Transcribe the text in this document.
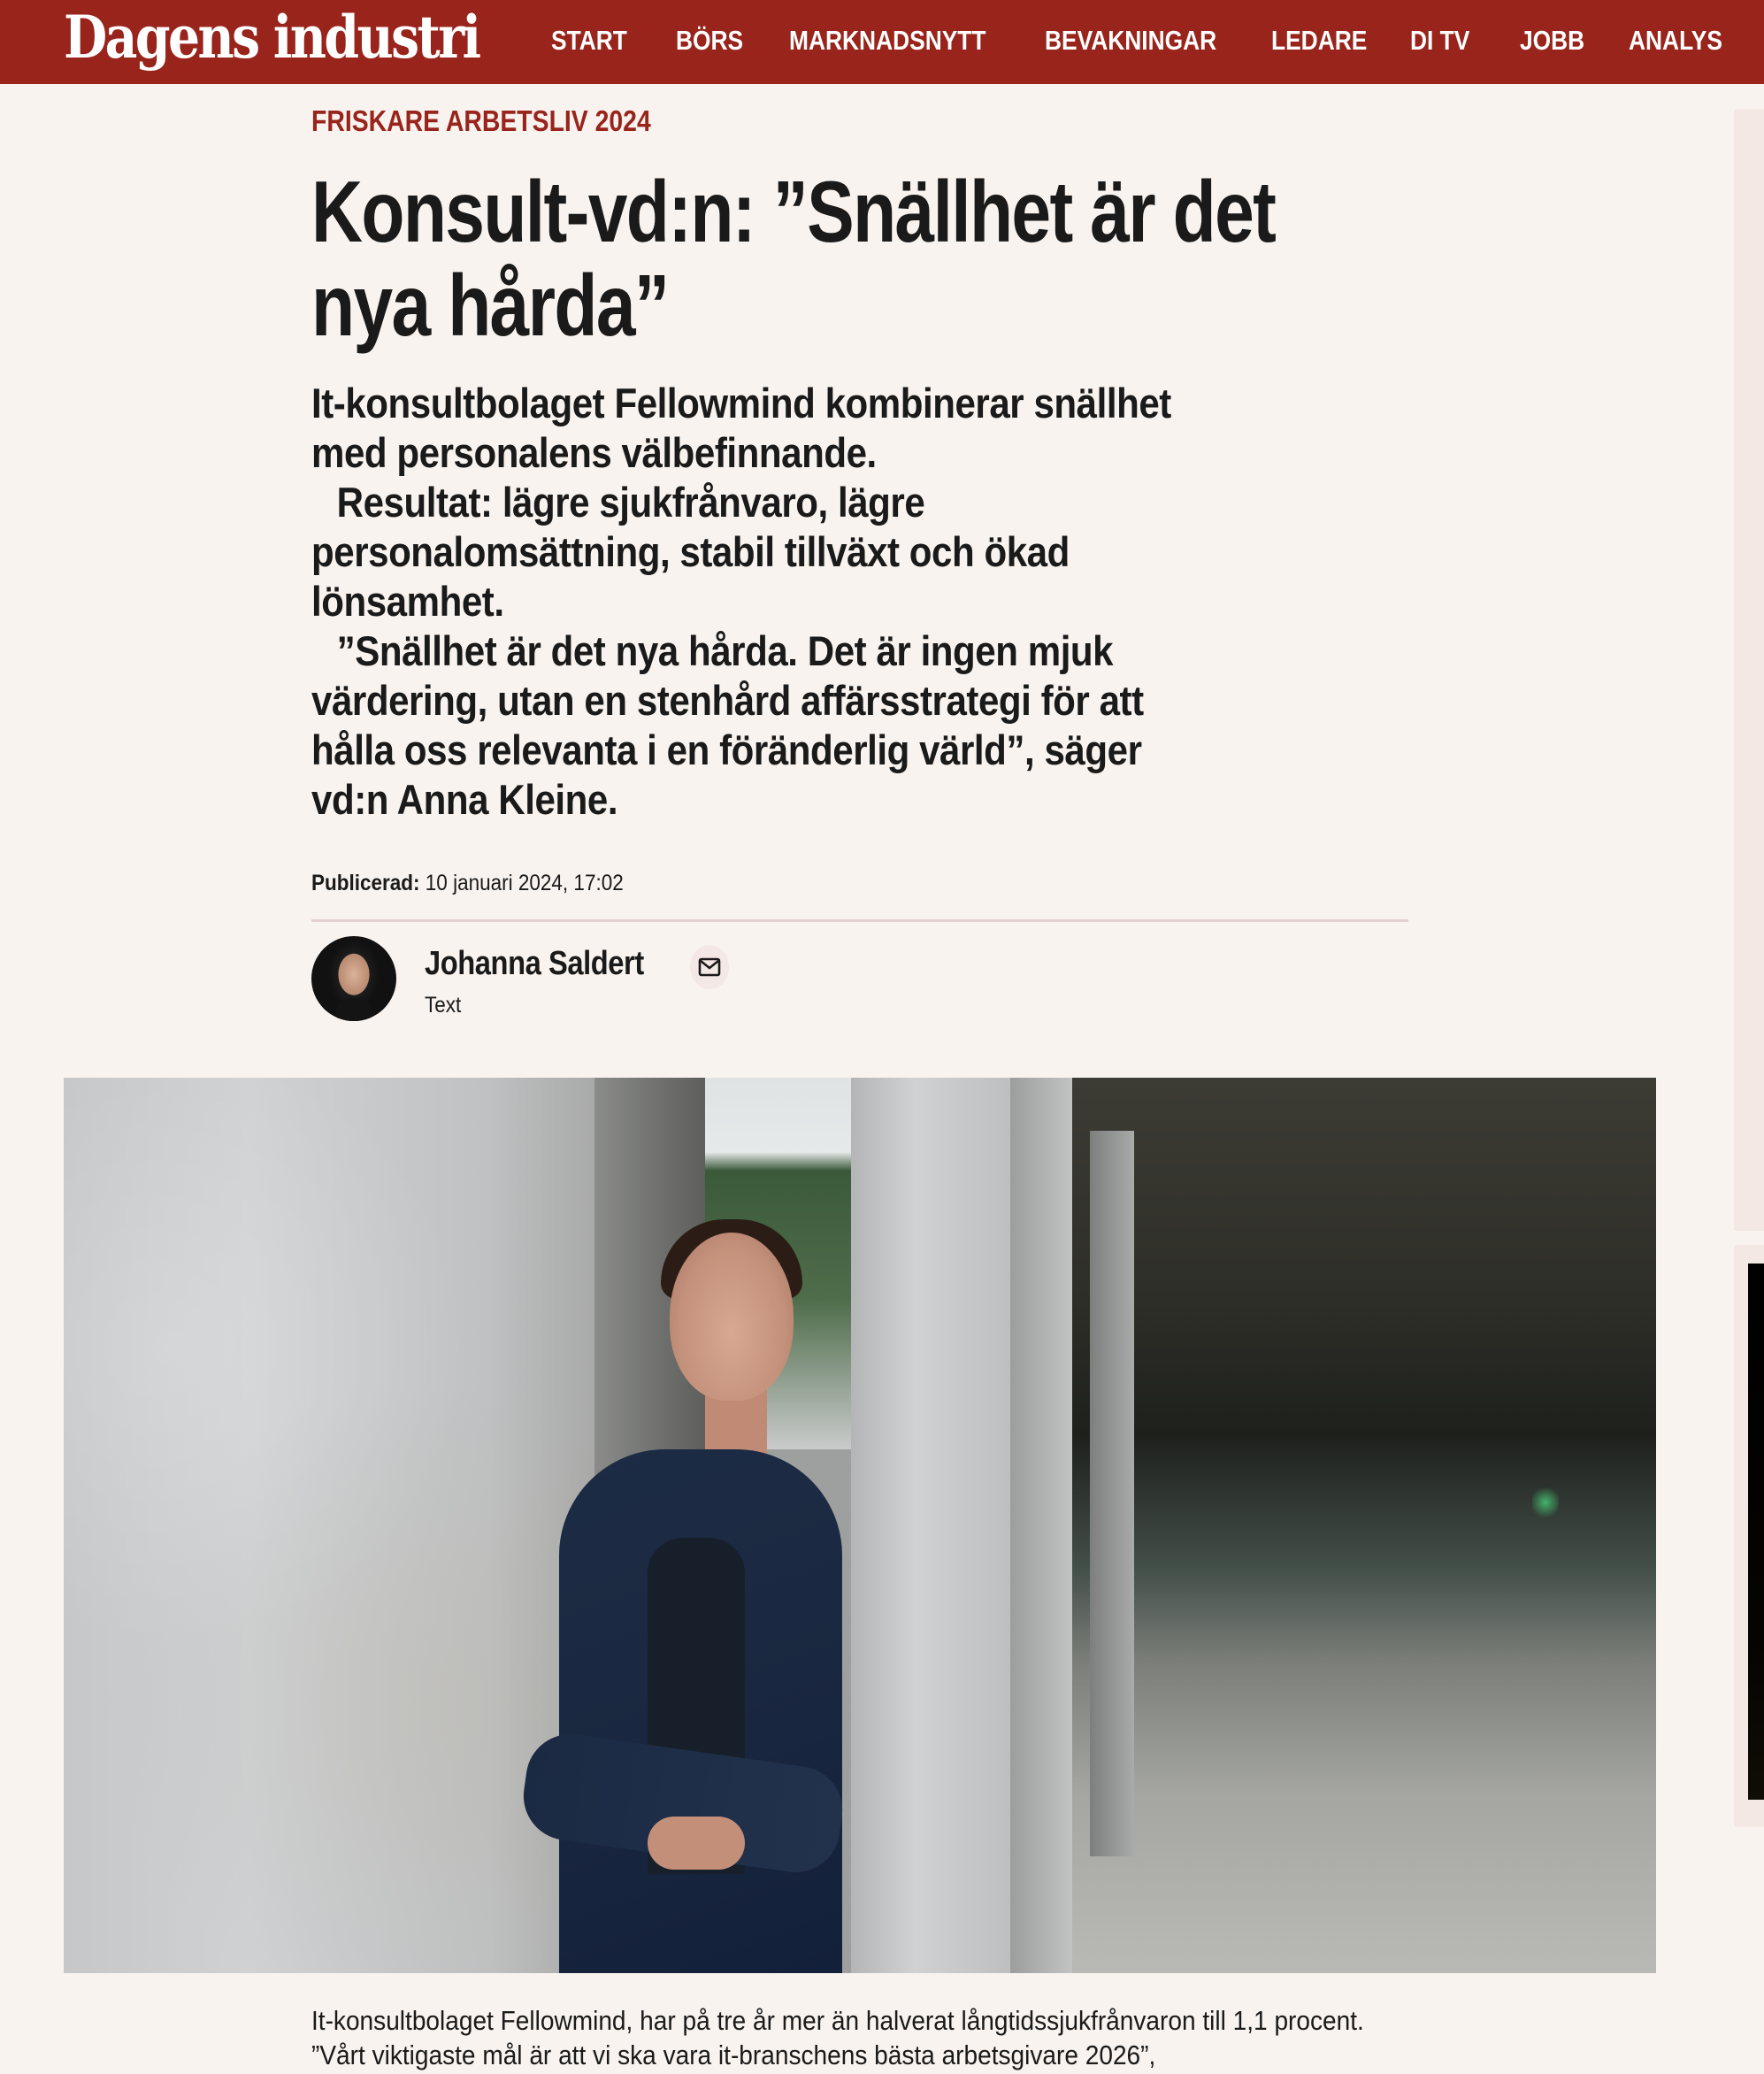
Dagens industri	START BÖRS MARKNADSNYTT BEVAKNINGAR LEDARE DI TV JOBB ANALYS
FRISKARE ARBETSLIV 2024
Konsult-vd:n: ”Snällhet är det nya hårda”

It-konsultbolaget Fellowmind kombinerar snällhet med personalens välbefinnande.

Resultat: lägre sjukfrånvaro, lägre personalomsättning, stabil tillväxt och ökad lönsamhet.

”Snällhet är det nya hårda. Det är ingen mjuk värdering, utan en stenhård affärsstrategi för att hålla oss relevanta i en föränderlig värld”, säger vd:n Anna Kleine.

Publicerad: 10 januari 2024, 17:02
Johanna Saldert
Text

It-konsultbolaget Fellowmind, har på tre år mer än halverat långtidssjukfrånvaron till 1,1 procent. ”Vårt viktigaste mål är att vi ska vara it-branschens bästa arbetsgivare 2026”,
